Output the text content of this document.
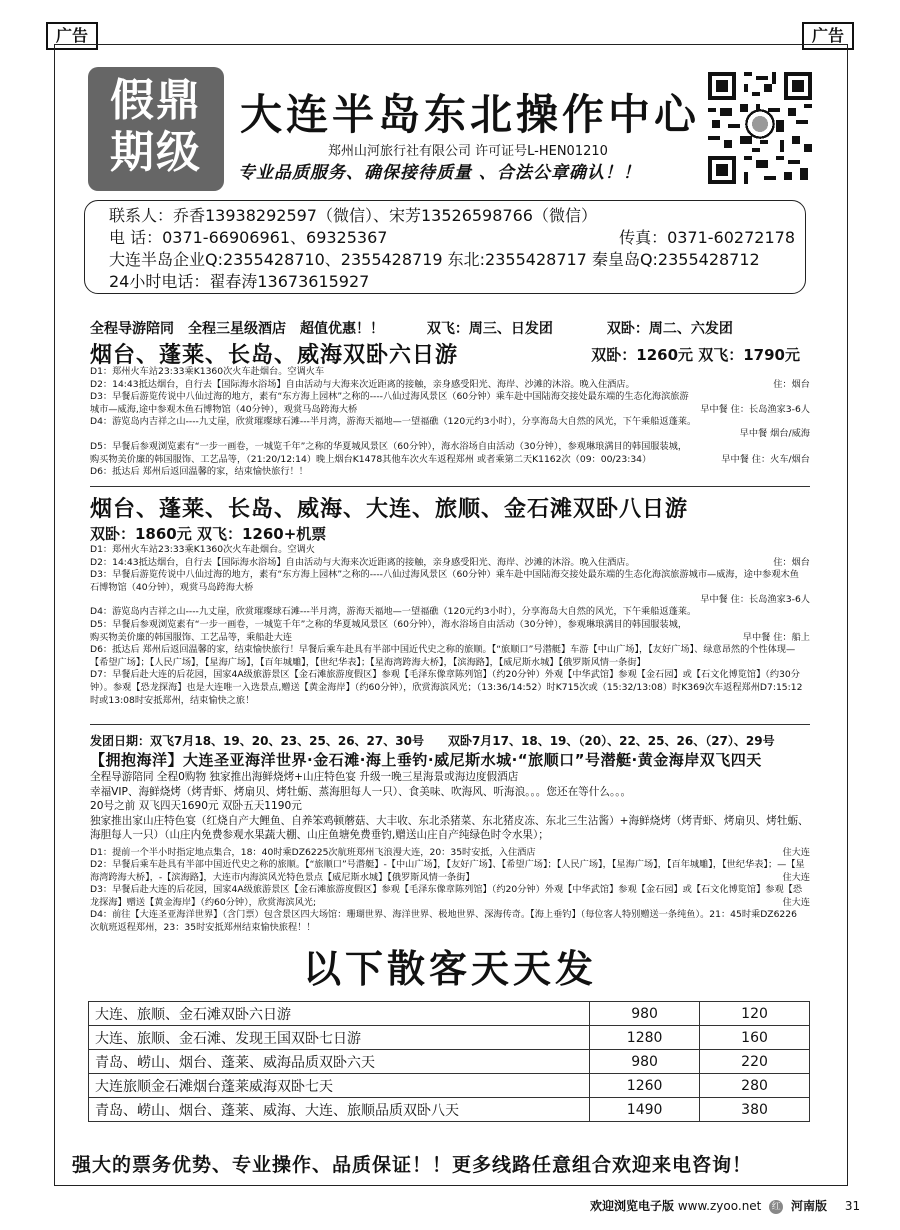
广告	广告
假鼎
期级
大连半岛东北操作中心
郑州山河旅行社有限公司 许可证号L-HEN01210
专业品质服务、确保接待质量 、合法公章确认！！
联系人：乔香13938292597（微信）、宋芳13526598766（微信）
电 话：0371-66906961、69325367	传真：0371-60272178
大连半岛企业Q:2355428710、2355428719 东北:2355428717 秦皇岛Q:2355428712
24小时电话：翟春涛13673615927
全程导游陪同 全程三星级酒店 超值优惠！！	双飞：周三、日发团	双卧：周二、六发团
烟台、蓬莱、长岛、威海双卧六日游	双卧：1260元 双飞：1790元
D1：郑州火车站23:33乘K1360次火车赴烟台。空调火车
D2：14:43抵达烟台，自行去【国际海水浴场】自由活动与大海来次近距离的接触，亲身感受阳光、海岸、沙滩的沐浴。晚入住酒店。	住：烟台
D3：早餐后游览传说中八仙过海的地方，素有“东方海上园林”之称的----八仙过海风景区（60分钟）乘车赴中国陆海交接处最东端的生态化海滨旅游城市—威海,途中参观木鱼石博物馆（40分钟），观赏马岛跨海大桥	早中餐 住：长岛渔家3-6人
D4：游览岛内吉祥之山----九丈崖，欣赏璀璨球石滩---半月湾，游海天福地—一望福礁（120元约3小时），分享海岛大自然的风光，下午乘船返蓬莱。
早中餐 烟台/威海
D5：早餐后参观浏览素有“一步一画卷，一城览千年”之称的华夏城风景区（60分钟），海水浴场自由活动（30分钟），参观琳琅满目的韩国服装城，购买物美价廉的韩国服饰、工艺品等，（21:20/12:14）晚上烟台K1478其他车次火车返程郑州 或者乘第二天K1162次（09：00/23:34）	早中餐 住：火车/烟台
D6：抵达后 郑州后返回温馨的家，结束愉快旅行！！
烟台、蓬莱、长岛、威海、大连、旅顺、金石滩双卧八日游
双卧：1860元 双飞：1260+机票
D1：郑州火车站23:33乘K1360次火车赴烟台。空调火
D2：14:43抵达烟台，自行去【国际海水浴场】自由活动与大海来次近距离的接触，亲身感受阳光、海岸、沙滩的沐浴。晚入住酒店。	住：烟台
D3：早餐后游览传说中八仙过海的地方，素有“东方海上园林”之称的----八仙过海风景区（60分钟）乘车赴中国陆海交接处最东端的生态化海滨旅游城市—威海，途中参观木鱼石博物馆（40分钟），观赏马岛跨海大桥
早中餐 住：长岛渔家3-6人
D4：游览岛内吉祥之山----九丈崖，欣赏璀璨球石滩---半月湾，游海天福地—一望福礁（120元约3小时），分享海岛大自然的风光，下午乘船返蓬莱。
D5：早餐后参观浏览素有“一步一画卷，一城览千年”之称的华夏城风景区（60分钟），海水浴场自由活动（30分钟），参观琳琅满目的韩国服装城，购买物美价廉的韩国服饰、工艺品等，乘船赴大连	早中餐 住：船上
D6：抵达后 郑州后返回温馨的家，结束愉快旅行！早餐后乘车赴具有半部中国近代史之称的旅顺。【“旅顺口”号潜艇】车游【中山广场】，【友好广场】、绿意昂然的个性体现—【希望广场】；【人民广场】，【星海广场】，【百年城雕】，【世纪华表】；【星海湾跨海大桥】，【滨海路】，【威尼斯水城】【俄罗斯风情一条街】
D7：早餐后赴大连的后花园，国家4A级旅游景区【金石滩旅游度假区】参观【毛泽东像章陈列馆】（约20分钟）外观【中华武馆】参观【金石园】或【石文化博览馆】（约30分钟）。参观【恐龙探海】也是大连唯一入选景点,赠送【黄金海岸】（约60分钟），欣赏海滨风光；（13:36/14:52）时K715次或（15:32/13:08）时K369次车返程郑州D7:15:12时或13:08时安抵郑州，结束愉快之旅！
发团日期：双飞7月18、19、20、23、25、26、27、30号 双卧7月17、18、19、（20）、22、25、26、（27）、29号
【拥抱海洋】大连圣亚海洋世界·金石滩·海上垂钓·威尼斯水城·“旅顺口”号潜艇·黄金海岸双飞四天
全程导游陪同 全程0购物 独家推出海鲜烧烤+山庄特色宴 升级一晚三星海景或海边度假酒店
幸福VIP、海鲜烧烤（烤青虾、烤扇贝、烤牡蛎、蒸海胆每人一只）、食美味、吹海风、听海浪。。。您还在等什么。。。
20号之前 双飞四天1690元 双卧五天1190元
独家推出家山庄特色宴（红烧自产大鲤鱼、自养笨鸡顿蘑菇、大丰收、东北杀猪菜、东北猪皮冻、东北三生沾酱）+海鲜烧烤（烤青虾、烤扇贝、烤牡蛎、海胆每人一只）（山庄内免费参观水果蔬大棚、山庄鱼塘免费垂钓,赠送山庄自产纯绿色时令水果）；
D1：提前一个半小时指定地点集合，18：40时乘DZ6225次航班郑州飞浪漫大连，20：35时安抵，入住酒店	住大连
D2：早餐后乘车赴具有半部中国近代史之称的旅顺。【“旅顺口”号潜艇】-【中山广场】，【友好广场】、【希望广场】；【人民广场】，【星海广场】，【百年城雕】，【世纪华表】；—【星海湾跨海大桥】，-【滨海路】，大连市内海滨风光特色景点【威尼斯水城】【俄罗斯风情一条街】	住大连
D3：早餐后赴大连的后花园，国家4A级旅游景区【金石滩旅游度假区】参观【毛泽东像章陈列馆】（约20分钟）外观【中华武馆】参观【金石园】或【石文化博览馆】参观【恐龙探海】赠送【黄金海岸】（约60分钟），欣赏海滨风光;	住大连
D4：前往【大连圣亚海洋世界】（含门票）包含景区四大场馆：珊瑚世界、海洋世界、极地世界、深海传奇。【海上垂钓】（每位客人特别赠送一条纯鱼）。21：45时乘DZ6226次航班返程郑州，23：35时安抵郑州结束愉快旅程！！
以下散客天天发
大连、旅顺、金石滩双卧六日游	980	120
大连、旅顺、金石滩、发现王国双卧七日游	1280	160
青岛、崂山、烟台、蓬莱、威海品质双卧六天	980	220
大连旅顺金石滩烟台蓬莱威海双卧七天	1260	280
青岛、崂山、烟台、蓬莱、威海、大连、旅顺品质双卧八天	1490	380
强大的票务优势、专业操作、品质保证！！更多线路任意组合欢迎来电咨询！
欢迎浏览电子版 www.zyoo.net 红 河南版 31
